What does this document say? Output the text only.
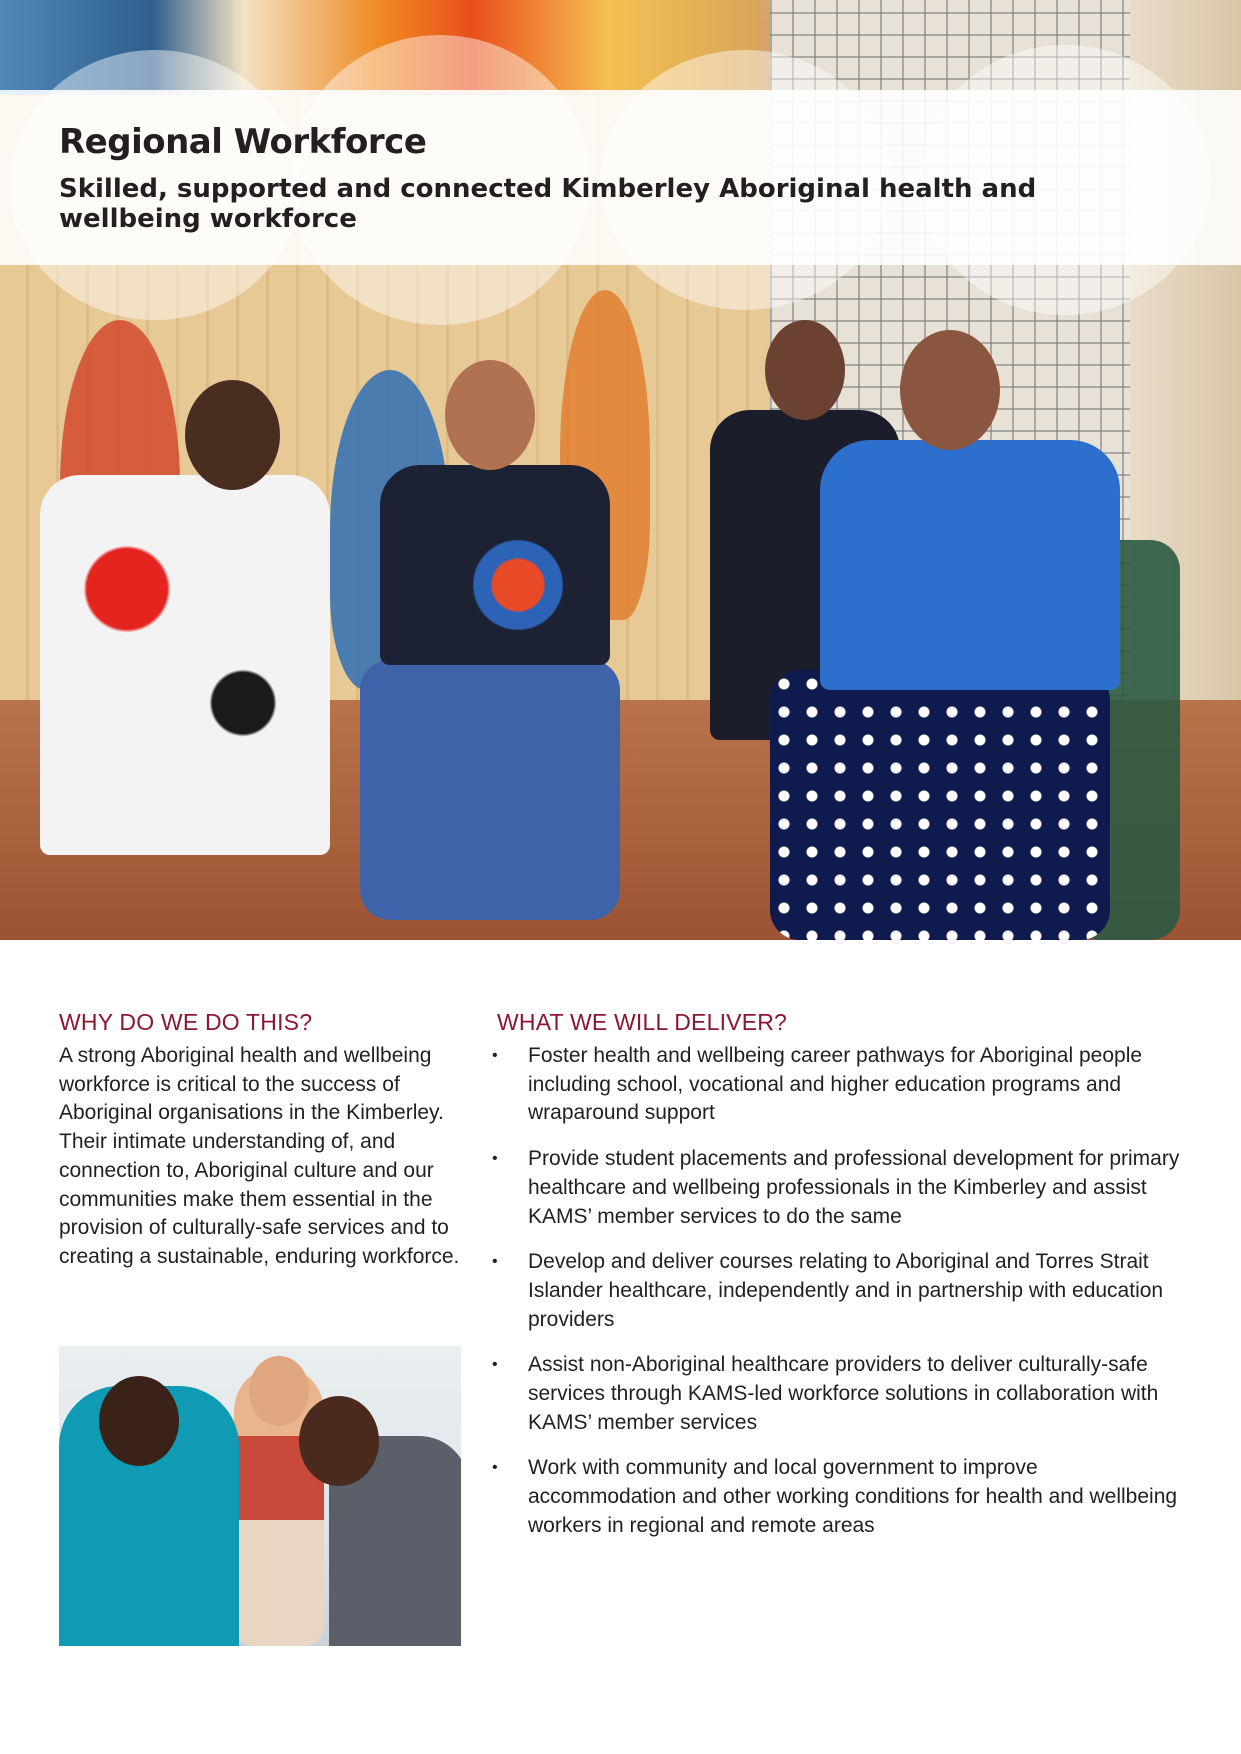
Regional Workforce
Skilled, supported and connected Kimberley Aboriginal health and wellbeing workforce
WHY DO WE DO THIS?

A strong Aboriginal health and wellbeing workforce is critical to the success of Aboriginal organisations in the Kimberley. Their intimate understanding of, and connection to, Aboriginal culture and our communities make them essential in the provision of culturally-safe services and to creating a sustainable, enduring workforce.

WHAT WE WILL DELIVER?
• Foster health and wellbeing career pathways for Aboriginal people including school, vocational and higher education programs and wraparound support
• Provide student placements and professional development for primary healthcare and wellbeing professionals in the Kimberley and assist KAMS’ member services to do the same
• Develop and deliver courses relating to Aboriginal and Torres Strait Islander healthcare, independently and in partnership with education providers
• Assist non-Aboriginal healthcare providers to deliver culturally-safe services through KAMS-led workforce solutions in collaboration with KAMS’ member services
• Work with community and local government to improve accommodation and other working conditions for health and wellbeing workers in regional and remote areas
